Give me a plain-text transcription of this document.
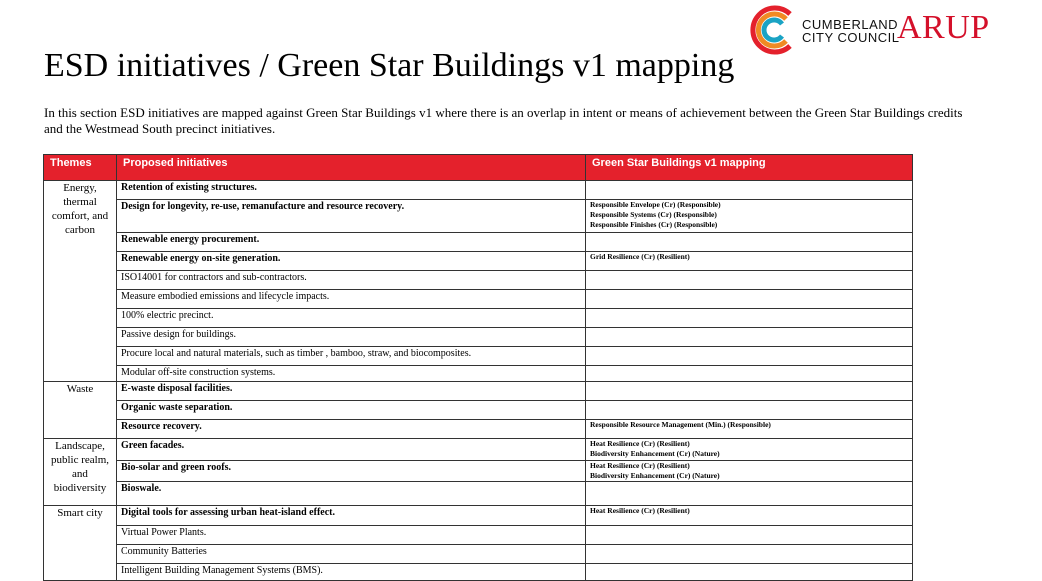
ESD initiatives / Green Star Buildings v1 mapping
In this section ESD initiatives are mapped against Green Star Buildings v1 where there is an overlap in intent or means of achievement between the Green Star Buildings credits and the Westmead South precinct initiatives.
CUMBERLAND
CITY COUNCIL
ARUP
Themes	Proposed initiatives	Green Star Buildings v1 mapping
Energy, thermal comfort, and carbon	Retention of existing structures.	
	Design for longevity, re-use, remanufacture and resource recovery.	Responsible Envelope (Cr) (Responsible)
Responsible Systems (Cr) (Responsible)
Responsible Finishes (Cr) (Responsible)

	Renewable energy procurement.	
	Renewable energy on-site generation.	Grid Resilience (Cr) (Resilient)

	ISO14001 for contractors and sub-contractors.	
	Measure embodied emissions and lifecycle impacts.	
	100% electric precinct.	
	Passive design for buildings.	
	Procure local and natural materials, such as timber , bamboo, straw, and biocomposites.	
	Modular off-site construction systems.	
Waste	E-waste disposal facilities.	
	Organic waste separation.	
	Resource recovery.	Responsible Resource Management (Min.) (Responsible)

Landscape, public realm, and biodiversity	Green facades.	Heat Resilience (Cr) (Resilient)
Biodiversity Enhancement (Cr) (Nature)

	Bio-solar and green roofs.	Heat Resilience (Cr) (Resilient)
Biodiversity Enhancement (Cr) (Nature)

	Bioswale.	
Smart city	Digital tools for assessing urban heat-island effect.	Heat Resilience (Cr) (Resilient)

	Virtual Power Plants.	
	Community Batteries	
	Intelligent Building Management Systems (BMS).	
